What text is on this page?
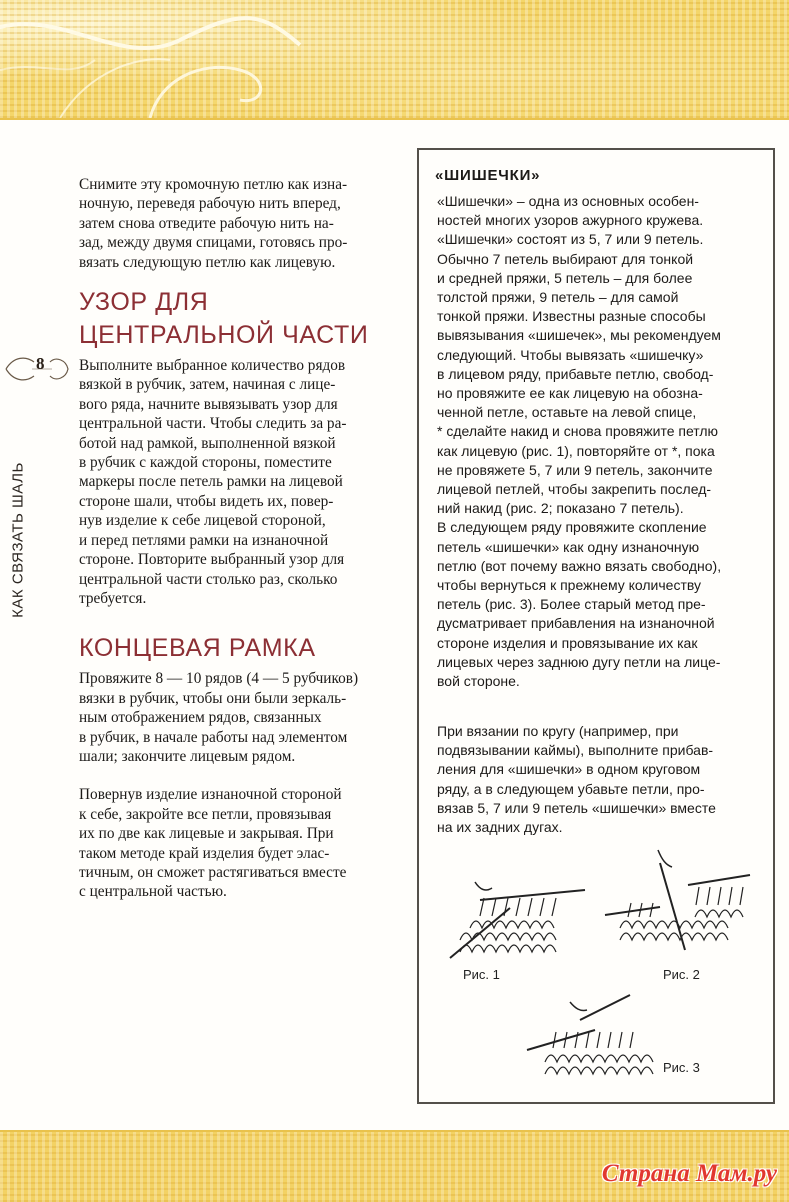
8
КАК СВЯЗАТЬ ШАЛЬ

Снимите эту кромочную петлю как изна-
ночную, переведя рабочую нить вперед,
затем снова отведите рабочую нить на-
зад, между двумя спицами, готовясь про-
вязать следующую петлю как лицевую.

УЗОР ДЛЯ
ЦЕНТРАЛЬНОЙ ЧАСТИ

Выполните выбранное количество рядов
вязкой в рубчик, затем, начиная с лице-
вого ряда, начните вывязывать узор для
центральной части. Чтобы следить за ра-
ботой над рамкой, выполненной вязкой
в рубчик с каждой стороны, поместите
маркеры после петель рамки на лицевой
стороне шали, чтобы видеть их, повер-
нув изделие к себе лицевой стороной,
и перед петлями рамки на изнаночной
стороне. Повторите выбранный узор для
центральной части столько раз, сколько
требуется.

КОНЦЕВАЯ РАМКА

Провяжите 8 — 10 рядов (4 — 5 рубчиков)
вязки в рубчик, чтобы они были зеркаль-
ным отображением рядов, связанных
в рубчик, в начале работы над элементом
шали; закончите лицевым рядом.

Повернув изделие изнаночной стороной
к себе, закройте все петли, провязывая
их по две как лицевые и закрывая. При
таком методе край изделия будет элас-
тичным, он сможет растягиваться вместе
с центральной частью.

«ШИШЕЧКИ»

«Шишечки» – одна из основных особен-
ностей многих узоров ажурного кружева.
«Шишечки» состоят из 5, 7 или 9 петель.
Обычно 7 петель выбирают для тонкой
и средней пряжи, 5 петель – для более
толстой пряжи, 9 петель – для самой
тонкой пряжи. Известны разные способы
вывязывания «шишечек», мы рекомендуем
следующий. Чтобы вывязать «шишечку»
в лицевом ряду, прибавьте петлю, свобод-
но провяжите ее как лицевую на обозна-
ченной петле, оставьте на левой спице,
* сделайте накид и снова провяжите петлю
как лицевую (рис. 1), повторяйте от *, пока
не провяжете 5, 7 или 9 петель, закончите
лицевой петлей, чтобы закрепить послед-
ний накид (рис. 2; показано 7 петель).
В следующем ряду провяжите скопление
петель «шишечки» как одну изнаночную
петлю (вот почему важно вязать свободно),
чтобы вернуться к прежнему количеству
петель (рис. 3). Более старый метод пре-
дусматривает прибавления на изнаночной
стороне изделия и провязывание их как
лицевых через заднюю дугу петли на лице-
вой стороне.

При вязании по кругу (например, при
подвязывании каймы), выполните прибав-
ления для «шишечки» в одном круговом
ряду, а в следующем убавьте петли, про-
вязав 5, 7 или 9 петель «шишечки» вместе
на их задних дугах.

Рис. 1	Рис. 2
Рис. 3
Страна Мам.ру
